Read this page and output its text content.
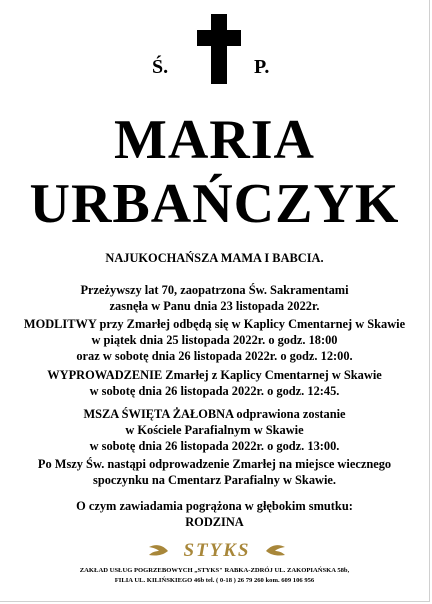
Ś.	P.
MARIA
URBAŃCZYK
NAJUKOCHAŃSZA MAMA I BABCIA.
Przeżywszy lat 70, zaopatrzona Św. Sakramentami
zasnęła w Panu dnia 23 listopada 2022r.
MODLITWY przy Zmarłej odbędą się w Kaplicy Cmentarnej w Skawie
w piątek dnia 25 listopada 2022r. o godz. 18:00
oraz w sobotę dnia 26 listopada 2022r. o godz. 12:00.
WYPROWADZENIE Zmarłej z Kaplicy Cmentarnej w Skawie
w sobotę dnia 26 listopada 2022r. o godz. 12:45.
MSZA ŚWIĘTA ŻAŁOBNA odprawiona zostanie
w Kościele Parafialnym w Skawie
w sobotę dnia 26 listopada 2022r. o godz. 13:00.
Po Mszy Św. nastąpi odprowadzenie Zmarłej na miejsce wiecznego
spoczynku na Cmentarz Parafialny w Skawie.
O czym zawiadamia pogrążona w głębokim smutku:
RODZINA
STYKS
ZAKŁAD USŁUG POGRZEBOWYCH „STYKS" RABKA-ZDRÓJ UL. ZAKOPIAŃSKA 58b,
FILIA UL. KILIŃSKIEGO 46b tel. ( 0-18 ) 26 79 260 kom. 609 106 956
